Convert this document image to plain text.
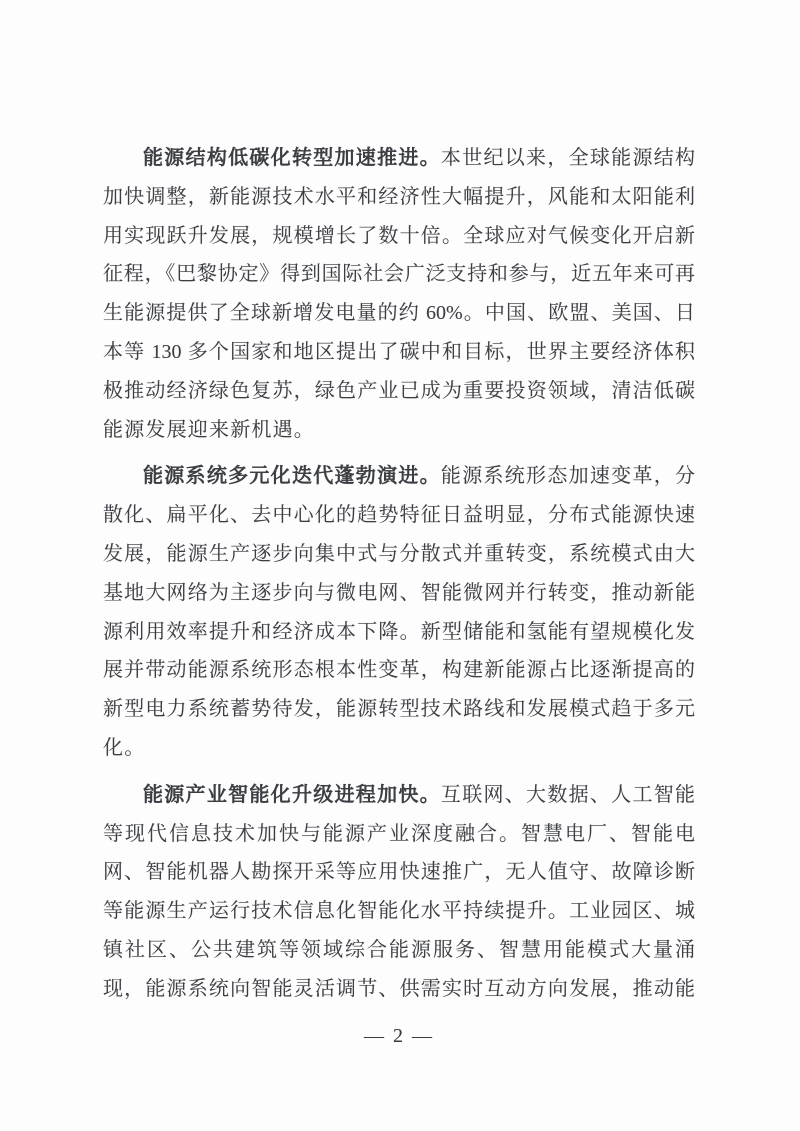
能源结构低碳化转型加速推进。本世纪以来，全球能源结构
加快调整，新能源技术水平和经济性大幅提升，风能和太阳能利
用实现跃升发展，规模增长了数十倍。全球应对气候变化开启新
征程，《巴黎协定》得到国际社会广泛支持和参与，近五年来可再
生能源提供了全球新增发电量的约 60%。中国、欧盟、美国、日
本等 130 多个国家和地区提出了碳中和目标，世界主要经济体积
极推动经济绿色复苏，绿色产业已成为重要投资领域，清洁低碳
能源发展迎来新机遇。
能源系统多元化迭代蓬勃演进。能源系统形态加速变革，分
散化、扁平化、去中心化的趋势特征日益明显，分布式能源快速
发展，能源生产逐步向集中式与分散式并重转变，系统模式由大
基地大网络为主逐步向与微电网、智能微网并行转变，推动新能
源利用效率提升和经济成本下降。新型储能和氢能有望规模化发
展并带动能源系统形态根本性变革，构建新能源占比逐渐提高的
新型电力系统蓄势待发，能源转型技术路线和发展模式趋于多元
化。
能源产业智能化升级进程加快。互联网、大数据、人工智能
等现代信息技术加快与能源产业深度融合。智慧电厂、智能电
网、智能机器人勘探开采等应用快速推广，无人值守、故障诊断
等能源生产运行技术信息化智能化水平持续提升。工业园区、城
镇社区、公共建筑等领域综合能源服务、智慧用能模式大量涌
现，能源系统向智能灵活调节、供需实时互动方向发展，推动能
— 2 —
